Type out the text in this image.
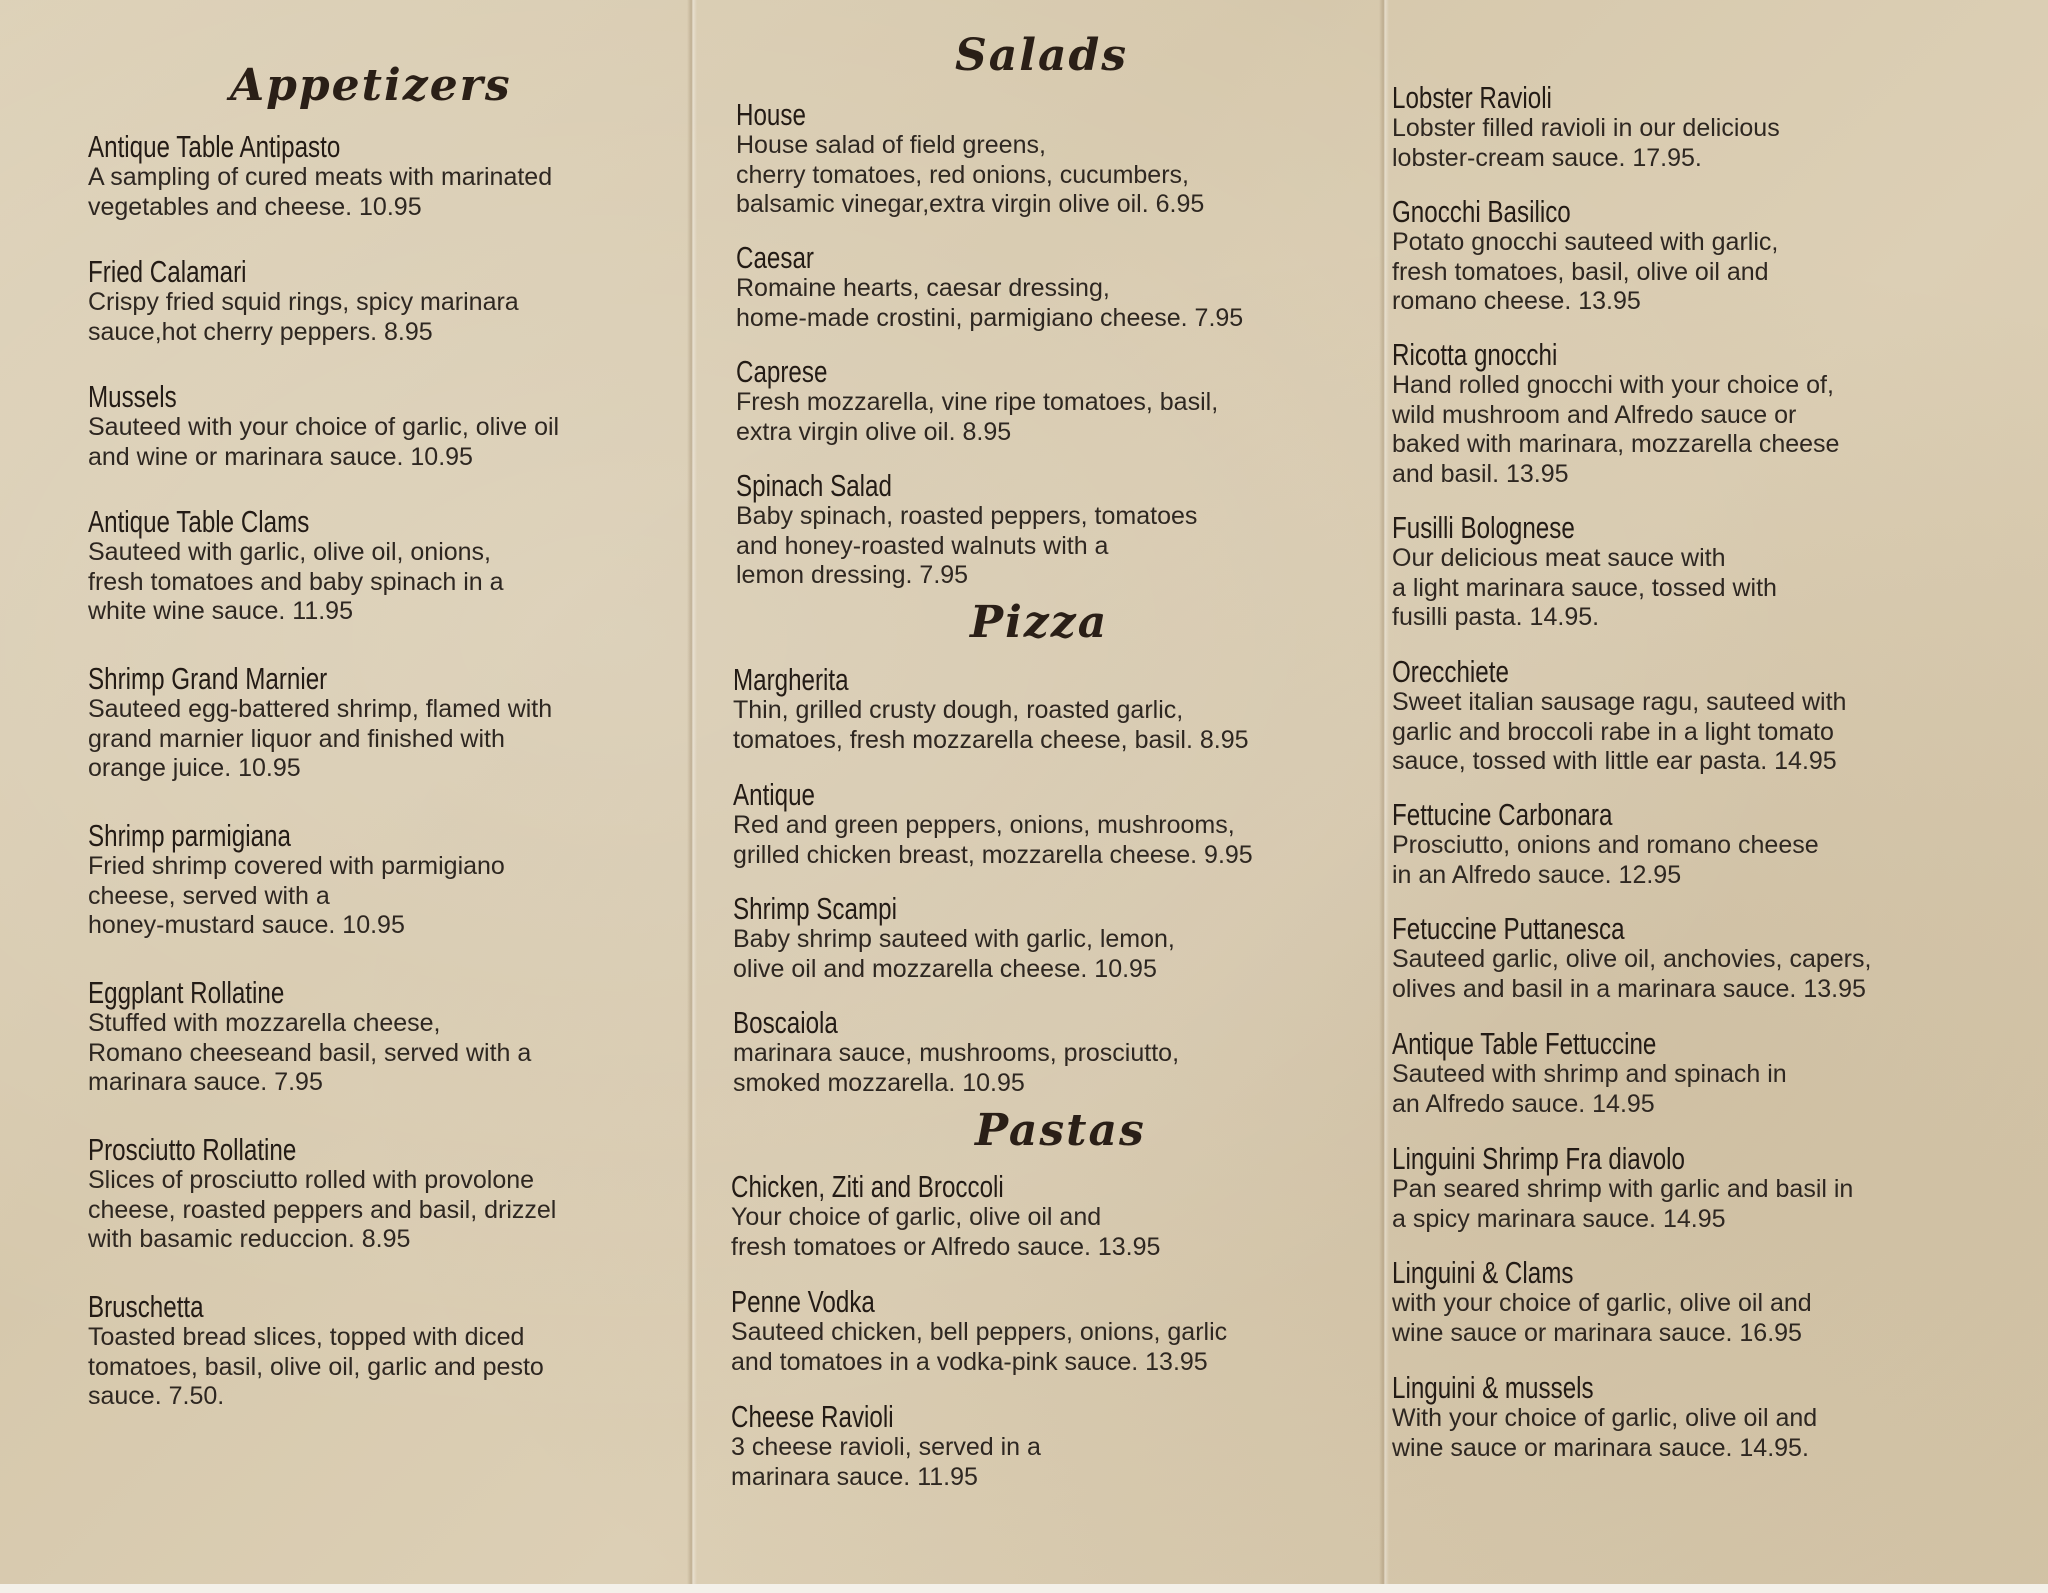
Appetizers
Antique Table Antipasto
A sampling of cured meats with marinated
vegetables and cheese. 10.95
Fried Calamari
Crispy fried squid rings, spicy marinara
sauce,hot cherry peppers. 8.95
Mussels
Sauteed with your choice of garlic, olive oil
and wine or marinara sauce. 10.95
Antique Table Clams
Sauteed with garlic, olive oil, onions,
fresh tomatoes and baby spinach in a
white wine sauce. 11.95
Shrimp Grand Marnier
Sauteed egg-battered shrimp, flamed with
grand marnier liquor and finished with
orange juice. 10.95
Shrimp parmigiana
Fried shrimp covered with parmigiano
cheese, served with a
honey-mustard sauce. 10.95
Eggplant Rollatine
Stuffed with mozzarella cheese,
Romano cheeseand basil, served with a
marinara sauce. 7.95
Prosciutto Rollatine
Slices of prosciutto rolled with provolone
cheese, roasted peppers and basil, drizzel
with basamic reduccion. 8.95
Bruschetta
Toasted bread slices, topped with diced
tomatoes, basil, olive oil, garlic and pesto
sauce. 7.50.
Salads
House
House salad of field greens,
cherry tomatoes, red onions, cucumbers,
balsamic vinegar,extra virgin olive oil. 6.95
Caesar
Romaine hearts, caesar dressing,
home-made crostini, parmigiano cheese. 7.95
Caprese
Fresh mozzarella, vine ripe tomatoes, basil,
extra virgin olive oil. 8.95
Spinach Salad
Baby spinach, roasted peppers, tomatoes
and honey-roasted walnuts with a
lemon dressing. 7.95
Pizza
Margherita
Thin, grilled crusty dough, roasted garlic,
tomatoes, fresh mozzarella cheese, basil. 8.95
Antique
Red and green peppers, onions, mushrooms,
grilled chicken breast, mozzarella cheese. 9.95
Shrimp Scampi
Baby shrimp sauteed with garlic, lemon,
olive oil and mozzarella cheese. 10.95
Boscaiola
marinara sauce, mushrooms, prosciutto,
smoked mozzarella. 10.95
Pastas
Chicken, Ziti and Broccoli
Your choice of garlic, olive oil and
fresh tomatoes or Alfredo sauce. 13.95
Penne Vodka
Sauteed chicken, bell peppers, onions, garlic
and tomatoes in a vodka-pink sauce. 13.95
Cheese Ravioli
3 cheese ravioli, served in a
marinara sauce. 11.95
Lobster Ravioli
Lobster filled ravioli in our delicious
lobster-cream sauce. 17.95.
Gnocchi Basilico
Potato gnocchi sauteed with garlic,
fresh tomatoes, basil, olive oil and
romano cheese. 13.95
Ricotta gnocchi
Hand rolled gnocchi with your choice of,
wild mushroom and Alfredo sauce or
baked with marinara, mozzarella cheese
and basil. 13.95
Fusilli Bolognese
Our delicious meat sauce with
a light marinara sauce, tossed with
fusilli pasta. 14.95.
Orecchiete
Sweet italian sausage ragu, sauteed with
garlic and broccoli rabe in a light tomato
sauce, tossed with little ear pasta. 14.95
Fettucine Carbonara
Prosciutto, onions and romano cheese
in an Alfredo sauce. 12.95
Fetuccine Puttanesca
Sauteed garlic, olive oil, anchovies, capers,
olives and basil in a marinara sauce. 13.95
Antique Table Fettuccine
Sauteed with shrimp and spinach in
an Alfredo sauce. 14.95
Linguini Shrimp Fra diavolo
Pan seared shrimp with garlic and basil in
a spicy marinara sauce. 14.95
Linguini & Clams
with your choice of garlic, olive oil and
wine sauce or marinara sauce. 16.95
Linguini & mussels
With your choice of garlic, olive oil and
wine sauce or marinara sauce. 14.95.
